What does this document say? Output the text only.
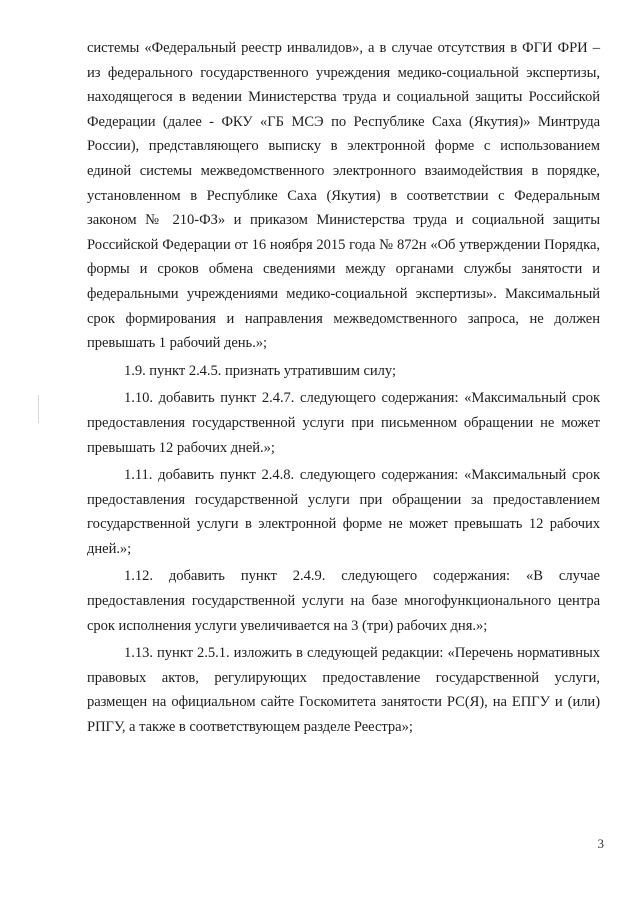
системы «Федеральный реестр инвалидов», а в случае отсутствия в ФГИ ФРИ – из федерального государственного учреждения медико-социальной экспертизы, находящегося в ведении Министерства труда и социальной защиты Российской Федерации (далее - ФКУ «ГБ МСЭ по Республике Саха (Якутия)» Минтруда России), представляющего выписку в электронной форме с использованием единой системы межведомственного электронного взаимодействия в порядке, установленном в Республике Саха (Якутия) в соответствии с Федеральным законом № 210-ФЗ» и приказом Министерства труда и социальной защиты Российской Федерации от 16 ноября 2015 года № 872н «Об утверждении Порядка, формы и сроков обмена сведениями между органами службы занятости и федеральными учреждениями медико-социальной экспертизы». Максимальный срок формирования и направления межведомственного запроса, не должен превышать 1 рабочий день.»;

1.9. пункт 2.4.5. признать утратившим силу;

1.10. добавить пункт 2.4.7. следующего содержания: «Максимальный срок предоставления государственной услуги при письменном обращении не может превышать 12 рабочих дней.»;

1.11. добавить пункт 2.4.8. следующего содержания: «Максимальный срок предоставления государственной услуги при обращении за предоставлением государственной услуги в электронной форме не может превышать 12 рабочих дней.»;

1.12. добавить пункт 2.4.9. следующего содержания: «В случае предоставления государственной услуги на базе многофункционального центра срок исполнения услуги увеличивается на 3 (три) рабочих дня.»;

1.13. пункт 2.5.1. изложить в следующей редакции: «Перечень нормативных правовых актов, регулирующих предоставление государственной услуги, размещен на официальном сайте Госкомитета занятости РС(Я), на ЕПГУ и (или) РПГУ, а также в соответствующем разделе Реестра»;

3
